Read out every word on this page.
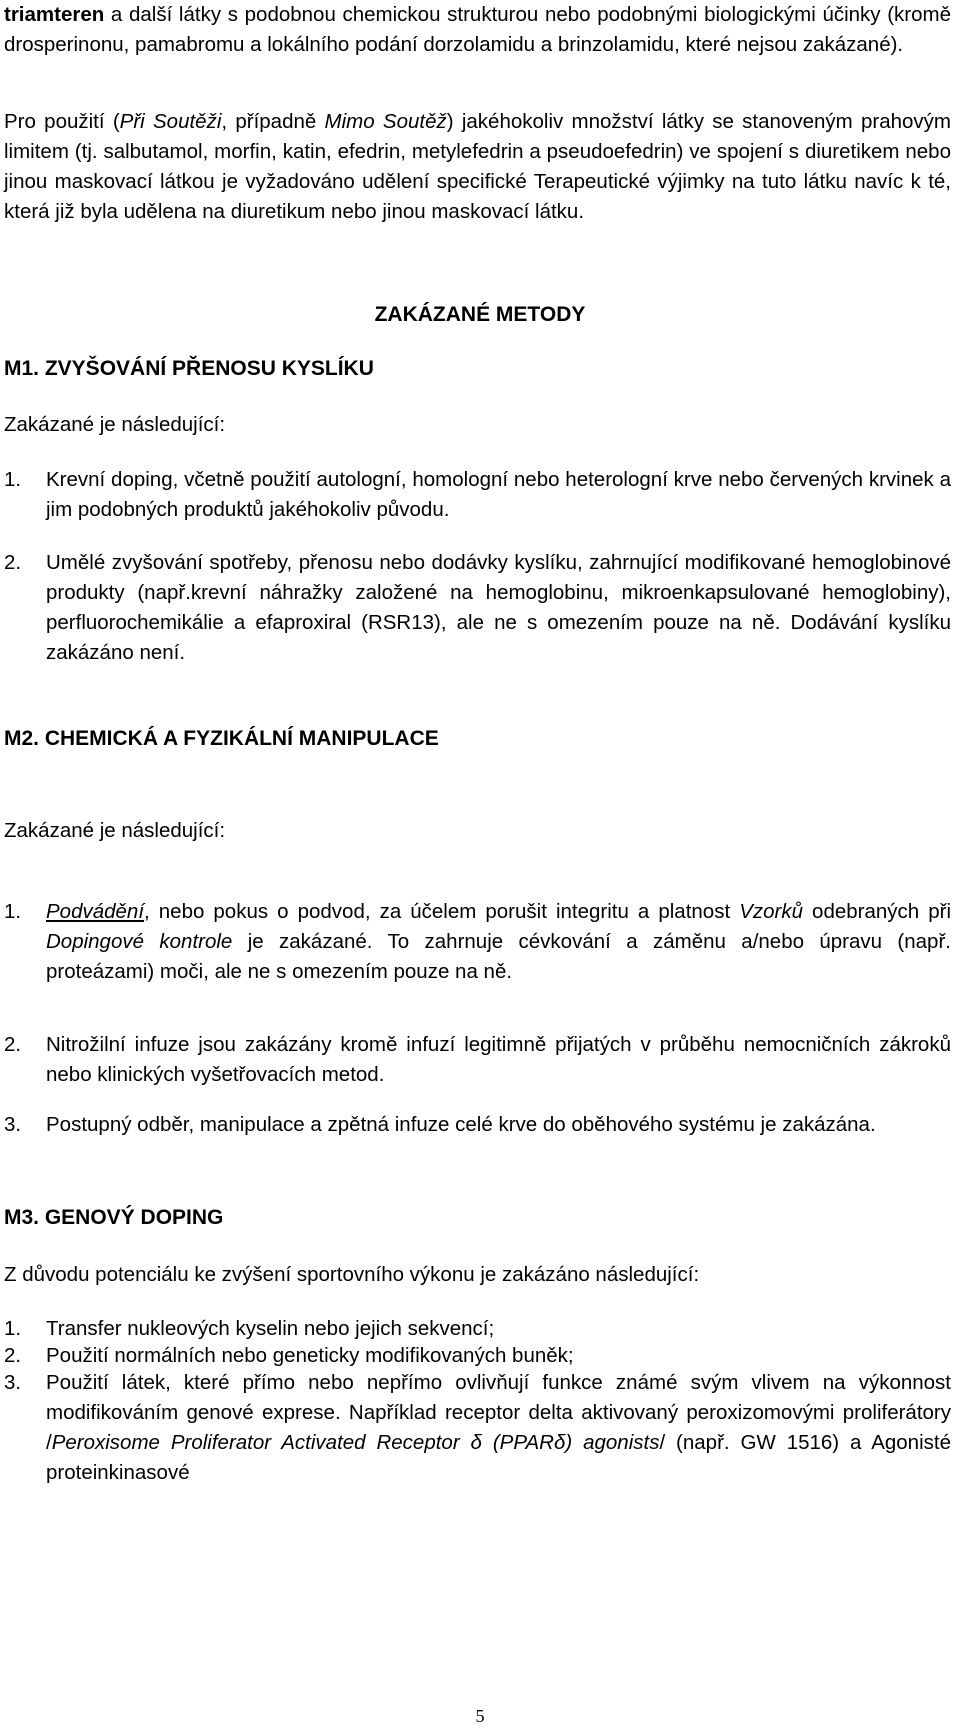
triamteren a další látky s podobnou chemickou strukturou nebo podobnými biologickými účinky (kromě drosperinonu, pamabromu a lokálního podání dorzolamidu a brinzolamidu, které nejsou zakázané).
Pro použití (Při Soutěži, případně Mimo Soutěž) jakéhokoliv množství látky se stanoveným prahovým limitem (tj. salbutamol, morfin, katin, efedrin, metylefedrin a pseudoefedrin) ve spojení s diuretikem nebo jinou maskovací látkou je vyžadováno udělení specifické Terapeutické výjimky na tuto látku navíc k té, která již byla udělena na diuretikum nebo jinou maskovací látku.
ZAKÁZANÉ METODY
M1. ZVYŠOVÁNÍ PŘENOSU KYSLÍKU
Zakázané je následující:
1. Krevní doping, včetně použití autologní, homologní nebo heterologní krve nebo červených krvinek a jim podobných produktů jakéhokoliv původu.
2. Umělé zvyšování spotřeby, přenosu nebo dodávky kyslíku, zahrnující modifikované hemoglobinové produkty (např.krevní náhražky založené na hemoglobinu, mikroenkapsulované hemoglobiny), perfluorochemikálie a efaproxiral (RSR13), ale ne s omezením pouze na ně. Dodávání kyslíku zakázáno není.
M2. CHEMICKÁ A FYZIKÁLNÍ MANIPULACE
Zakázané je následující:
1. Podvádění, nebo pokus o podvod, za účelem porušit integritu a platnost Vzorků odebraných při Dopingové kontrole je zakázané. To zahrnuje cévkování a záměnu a/nebo úpravu (např. proteázami) moči, ale ne s omezením pouze na ně.
2. Nitrožilní infuze jsou zakázány kromě infuzí legitimně přijatých v průběhu nemocničních zákroků nebo klinických vyšetřovacích metod.
3. Postupný odběr, manipulace a zpětná infuze celé krve do oběhového systému je zakázána.
M3. GENOVÝ DOPING
Z důvodu potenciálu ke zvýšení sportovního výkonu je zakázáno následující:
1. Transfer nukleových kyselin nebo jejich sekvencí;
2. Použití normálních nebo geneticky modifikovaných buněk;
3. Použití látek, které přímo nebo nepřímo ovlivňují funkce známé svým vlivem na výkonnost modifikováním genové exprese. Například receptor delta aktivovaný peroxizomovými proliferátory /Peroxisome Proliferator Activated Receptor δ (PPARδ) agonists/ (např. GW 1516) a Agonisté proteinkinasové
5
